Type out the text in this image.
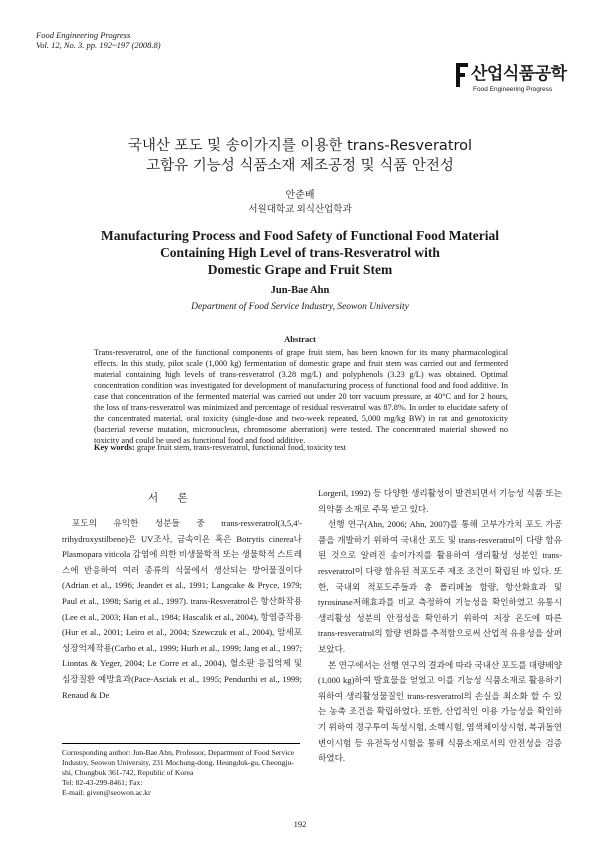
Food Engineering Progress
Vol. 12, No. 3. pp. 192~197 (2008.8)
산업식품공학
Food Engineering Progress
국내산 포도 및 송이가지를 이용한 trans-Resveratrol
고함유 기능성 식품소재 제조공정 및 식품 안전성
안준배
서원대학교 외식산업학과
Manufacturing Process and Food Safety of Functional Food Material
Containing High Level of trans-Resveratrol with
Domestic Grape and Fruit Stem
Jun-Bae Ahn
Department of Food Service Industry, Seowon University
Abstract
Trans-resveratrol, one of the functional components of grape fruit stem, has been known for its many pharmacological effects. In this study, pilot scale (1,000 kg) fermentation of domestic grape and fruit stem was carried out and fermented material containing high levels of trans-resveratrol (3.28 mg/L) and polyphenols (3.23 g/L) was obtained. Optimal concentration condition was investigated for development of manufacturing process of functional food and food additive. In case that concentration of the fermented material was carried out under 20 torr vacuum pressure, at 40°C and for 2 hours, the loss of trans-resveratrol was minimized and percentage of residual resveratrol was 87.8%. In order to elucidate safety of the concentrated material, oral toxicity (single-dose and two-week repeated, 5,000 mg/kg BW) in rat and genotoxicity (bacterial reverse mutation, micronucleus, chromosome aberration) were tested. The concentrated material showed no toxicity and could be used as functional food and food additive.
Key words: grape fruit stem, trans-resveratrol, functional food, toxicity test
서 론

포도의 유익한 성분들 중 trans-resveratrol(3,5,4'-trihydroxystilbene)은 UV조사, 금속이온 혹은 Botrytis cinerea나 Plasmopara viticola 감염에 의한 비생물학적 또는 생물학적 스트레스에 반응하여 여러 종류의 식물에서 생산되는 방어물질이다(Adrian et al., 1996; Jeandet et al., 1991; Langcake & Pryce, 1979; Paul et al., 1998; Sarig et al., 1997). trans-Resveratrol은 항산화작용(Lee et al., 2003; Han et al., 1984; Hascalik et al., 2004), 항염증작용(Hur et al., 2001; Leiro et al., 2004; Szewczuk et al., 2004), 암세포 성장억제작용(Carbo et al., 1999; Hurh et al., 1999; Jang et al., 1997; Liontas & Yeger, 2004; Le Corre et al., 2004), 혈소판 응집억제 및 심장질환 예방효과(Pace-Asciak et al., 1995; Pendurthi et al., 1999; Renaud & De

Lorgeril, 1992) 등 다양한 생리활성이 발견되면서 기능성 식품 또는 의약품 소재로 주목 받고 있다.

선행 연구(Ahn, 2006; Ahn, 2007)를 통해 고부가가치 포도 가공품을 개발하기 위하여 국내산 포도 및 trans-resveratrol이 다량 함유된 것으로 알려진 송이가지를 활용하여 생리활성 성분인 trans-resveratrol이 다량 함유된 적포도주 제조 조건이 확립된 바 있다. 또한, 국내외 적포도주들과 총 폴리페놀 함량, 항산화효과 및 tyrosinase저해효과를 비교 측정하여 기능성을 확인하였고 유통시 생리활성 성분의 안정성을 확인하기 위하여 저장 온도에 따른 trans-resveratrol의 함량 변화를 추적함으로써 산업적 유용성을 살펴보았다.

본 연구에서는 선행 연구의 결과에 따라 국내산 포도를 대량배양(1,000 kg)하여 발효물을 얻었고 이를 기능성 식품소재로 활용하기 위하여 생리활성물질인 trans-resveratrol의 손실을 최소화 할 수 있는 농축 조건을 확립하였다. 또한, 산업적인 이용 가능성을 확인하기 위하여 경구투여 독성시험, 소핵시험, 염색체이상시험, 복귀돌연변이시험 등 유전독성시험을 통해 식품소재로서의 안전성을 검증하였다.

Corresponding author: Jun-Bae Ahn, Professor, Department of Food Service Industry, Seowon University, 231 Mochung-dong, Heungduk-gu, Cheongju-shi, Chungbuk 361-742, Republic of Korea
Tel: 82-43-299-8461; Fax:
E-mail: given@seowon.ac.kr
192
